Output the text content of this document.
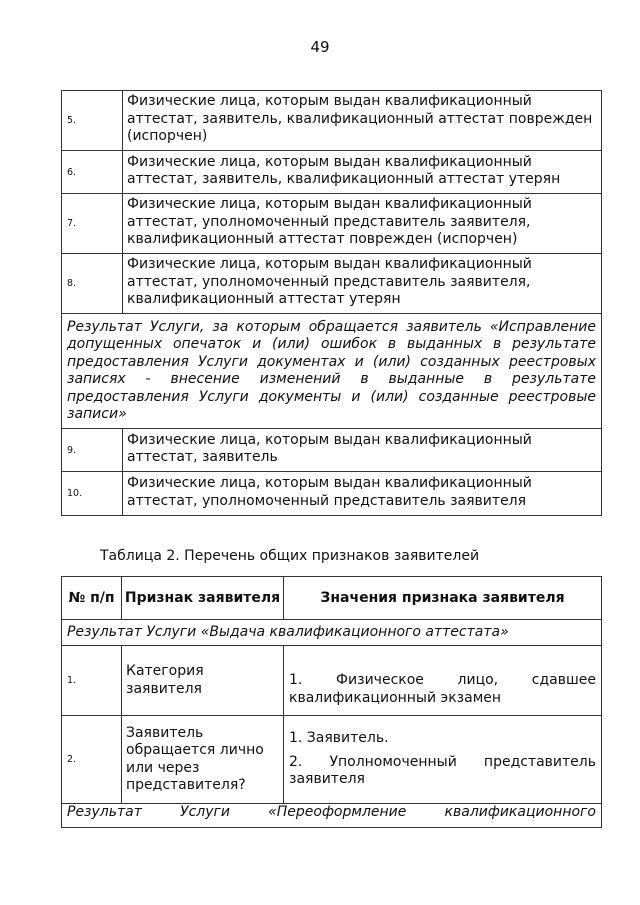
49
5.	Физические лица, которым выдан квалификационный аттестат, заявитель, квалификационный аттестат поврежден (испорчен)
6.	Физические лица, которым выдан квалификационный аттестат, заявитель, квалификационный аттестат утерян
7.	Физические лица, которым выдан квалификационный аттестат, уполномоченный представитель заявителя, квалификационный аттестат поврежден (испорчен)
8.	Физические лица, которым выдан квалификационный аттестат, уполномоченный представитель заявителя, квалификационный аттестат утерян
Результат Услуги, за которым обращается заявитель «Исправление допущенных опечаток и (или) ошибок в выданных в результате предоставления Услуги документах и (или) созданных реестровых записях - внесение изменений в выданные в результате предоставления Услуги документы и (или) созданные реестровые записи»	
9.	Физические лица, которым выдан квалификационный аттестат, заявитель
10.	Физические лица, которым выдан квалификационный аттестат, уполномоченный представитель заявителя
Таблица 2. Перечень общих признаков заявителей
№ п/п	Признак заявителя	Значения признака заявителя
Результат Услуги «Выдача квалификационного аттестата»		
1.	Категория заявителя	1. Физическое лицо, сдавшее квалификационный экзамен

2.	Заявитель обращается лично или через представителя?	1. Заявитель.

2. Уполномоченный представитель заявителя

Результат Услуги «Переоформление квалификационного		
